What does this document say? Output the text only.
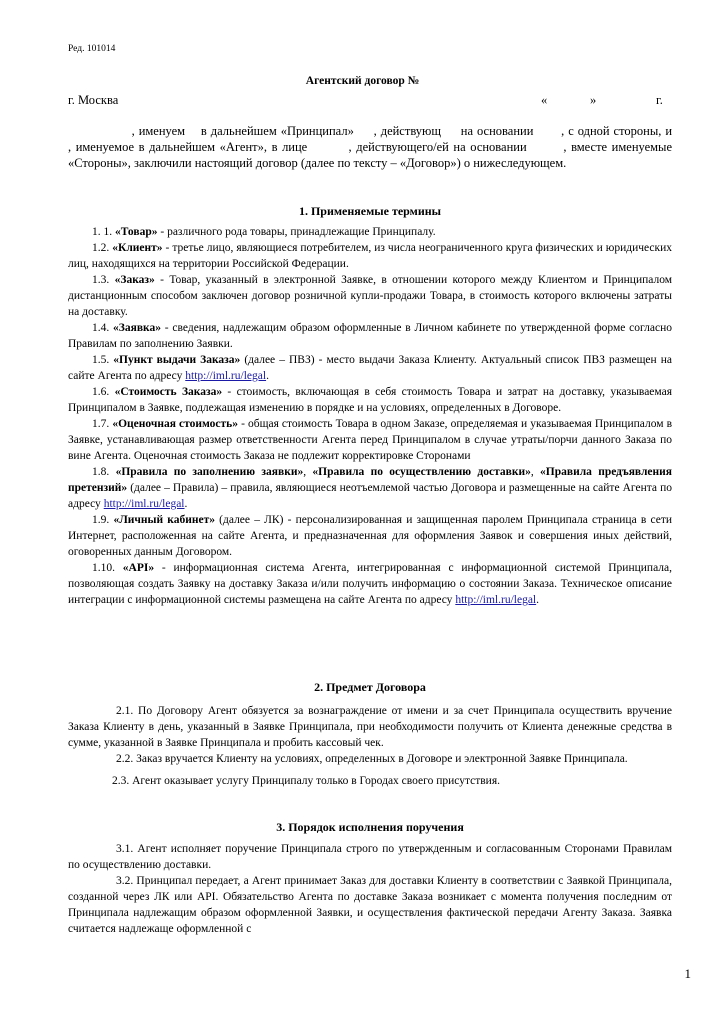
Ред. 101014
Агентский договор №
г. Москва	«	»	г.

, именуем    в дальнейшем «Принципал»     , действующ     на основании       , с одной стороны, и          , именуемое в дальнейшем «Агент», в лице         , действующего/ей на основании        , вместе именуемые «Стороны», заключили настоящий договор (далее по тексту – «Договор») о нижеследующем.

1. Применяемые термины

1. 1. «Товар» - различного рода товары, принадлежащие Принципалу.

1.2. «Клиент» - третье лицо, являющиеся потребителем, из числа неограниченного круга физических и юридических лиц, находящихся на территории Российской Федерации.

1.3. «Заказ» - Товар, указанный в электронной Заявке, в отношении которого между Клиентом и Принципалом дистанционным способом заключен договор розничной купли-продажи Товара, в стоимость которого включены затраты на доставку.

1.4. «Заявка» - сведения, надлежащим образом оформленные в Личном кабинете по утвержденной форме согласно Правилам по заполнению Заявки.

1.5. «Пункт выдачи Заказа» (далее – ПВЗ) - место выдачи Заказа Клиенту. Актуальный список ПВЗ размещен на сайте Агента по адресу http://iml.ru/legal.

1.6. «Стоимость Заказа» - стоимость, включающая в себя стоимость Товара и затрат на доставку, указываемая Принципалом в Заявке, подлежащая изменению в порядке и на условиях, определенных в Договоре.

1.7. «Оценочная стоимость» - общая стоимость Товара в одном Заказе, определяемая и указываемая Принципалом в Заявке, устанавливающая размер ответственности Агента перед Принципалом в случае утраты/порчи данного Заказа по вине Агента. Оценочная стоимость Заказа не подлежит корректировке Сторонами

1.8. «Правила по заполнению заявки», «Правила по осуществлению доставки», «Правила предъявления претензий» (далее – Правила) – правила, являющиеся неотъемлемой частью Договора и размещенные на сайте Агента по адресу http://iml.ru/legal.

1.9. «Личный кабинет» (далее – ЛК) - персонализированная и защищенная паролем Принципала страница в сети Интернет, расположенная на сайте Агента, и предназначенная для оформления Заявок и совершения иных действий, оговоренных данным Договором.

1.10. «API» - информационная система Агента, интегрированная с информационной системой Принципала, позволяющая создать Заявку на доставку Заказа и/или получить информацию о состоянии Заказа. Техническое описание интеграции с информационной системы размещена на сайте Агента по адресу http://iml.ru/legal.

2. Предмет Договора

2.1. По Договору Агент обязуется за вознаграждение от имени и за счет Принципала осуществить вручение Заказа Клиенту в день, указанный в Заявке Принципала, при необходимости получить от Клиента денежные средства в сумме, указанной в Заявке Принципала и пробить кассовый чек.

2.2. Заказ вручается Клиенту на условиях, определенных в Договоре и электронной Заявке Принципала.

2.3. Агент оказывает услугу Принципалу только в Городах своего присутствия.

3. Порядок исполнения поручения

3.1. Агент исполняет поручение Принципала строго по утвержденным и согласованным Сторонами Правилам по осуществлению доставки.

3.2. Принципал передает, а Агент принимает Заказ для доставки Клиенту в соответствии с Заявкой Принципала, созданной через ЛК или API. Обязательство Агента по доставке Заказа возникает с момента получения последним от Принципала надлежащим образом оформленной Заявки, и осуществления фактической передачи Агенту Заказа. Заявка считается надлежаще оформленной с

1
